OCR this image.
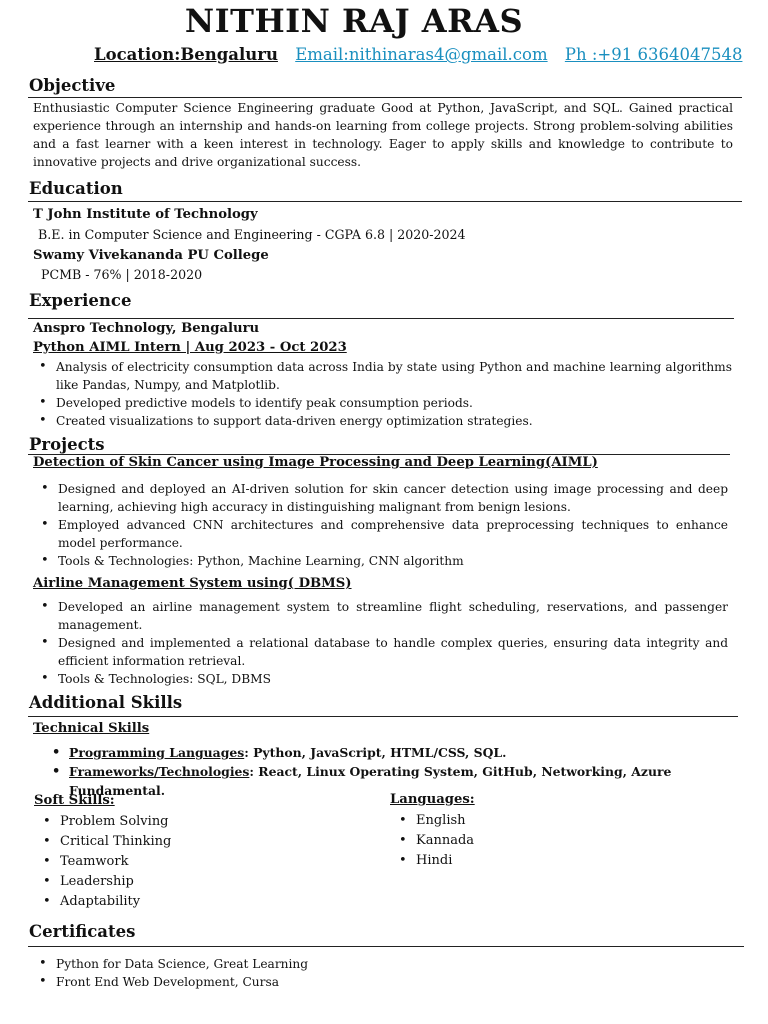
NITHIN RAJ ARAS
Location:Bengaluru Email:nithinaras4@gmail.com Ph :+91 6364047548
Objective
Enthusiastic Computer Science Engineering graduate Good at Python, JavaScript, and SQL. Gained practical experience through an internship and hands-on learning from college projects. Strong problem-solving abilities and a fast learner with a keen interest in technology. Eager to apply skills and knowledge to contribute to innovative projects and drive organizational success.
Education
T John Institute of Technology
B.E. in Computer Science and Engineering - CGPA 6.8 | 2020-2024
Swamy Vivekananda PU College
PCMB - 76% | 2018-2020
Experience
Anspro Technology, Bengaluru
Python AIML Intern | Aug 2023 - Oct 2023
• Analysis of electricity consumption data across India by state using Python and machine learning algorithms like Pandas, Numpy, and Matplotlib.
• Developed predictive models to identify peak consumption periods.
• Created visualizations to support data-driven energy optimization strategies.
Projects
Detection of Skin Cancer using Image Processing and Deep Learning(AIML)
• Designed and deployed an AI-driven solution for skin cancer detection using image processing and deep learning, achieving high accuracy in distinguishing malignant from benign lesions.
• Employed advanced CNN architectures and comprehensive data preprocessing techniques to enhance model performance.
• Tools & Technologies: Python, Machine Learning, CNN algorithm
Airline Management System using( DBMS)
• Developed an airline management system to streamline flight scheduling, reservations, and passenger management.
• Designed and implemented a relational database to handle complex queries, ensuring data integrity and efficient information retrieval.
• Tools & Technologies: SQL, DBMS
Additional Skills
Technical Skills
• Programming Languages: Python, JavaScript, HTML/CSS, SQL.
• Frameworks/Technologies: React, Linux Operating System, GitHub, Networking, Azure Fundamental.
Soft Skills:
• Problem Solving
• Critical Thinking
• Teamwork
• Leadership
• Adaptability
Languages:
• English
• Kannada
• Hindi
Certificates
• Python for Data Science, Great Learning
• Front End Web Development, Cursa
